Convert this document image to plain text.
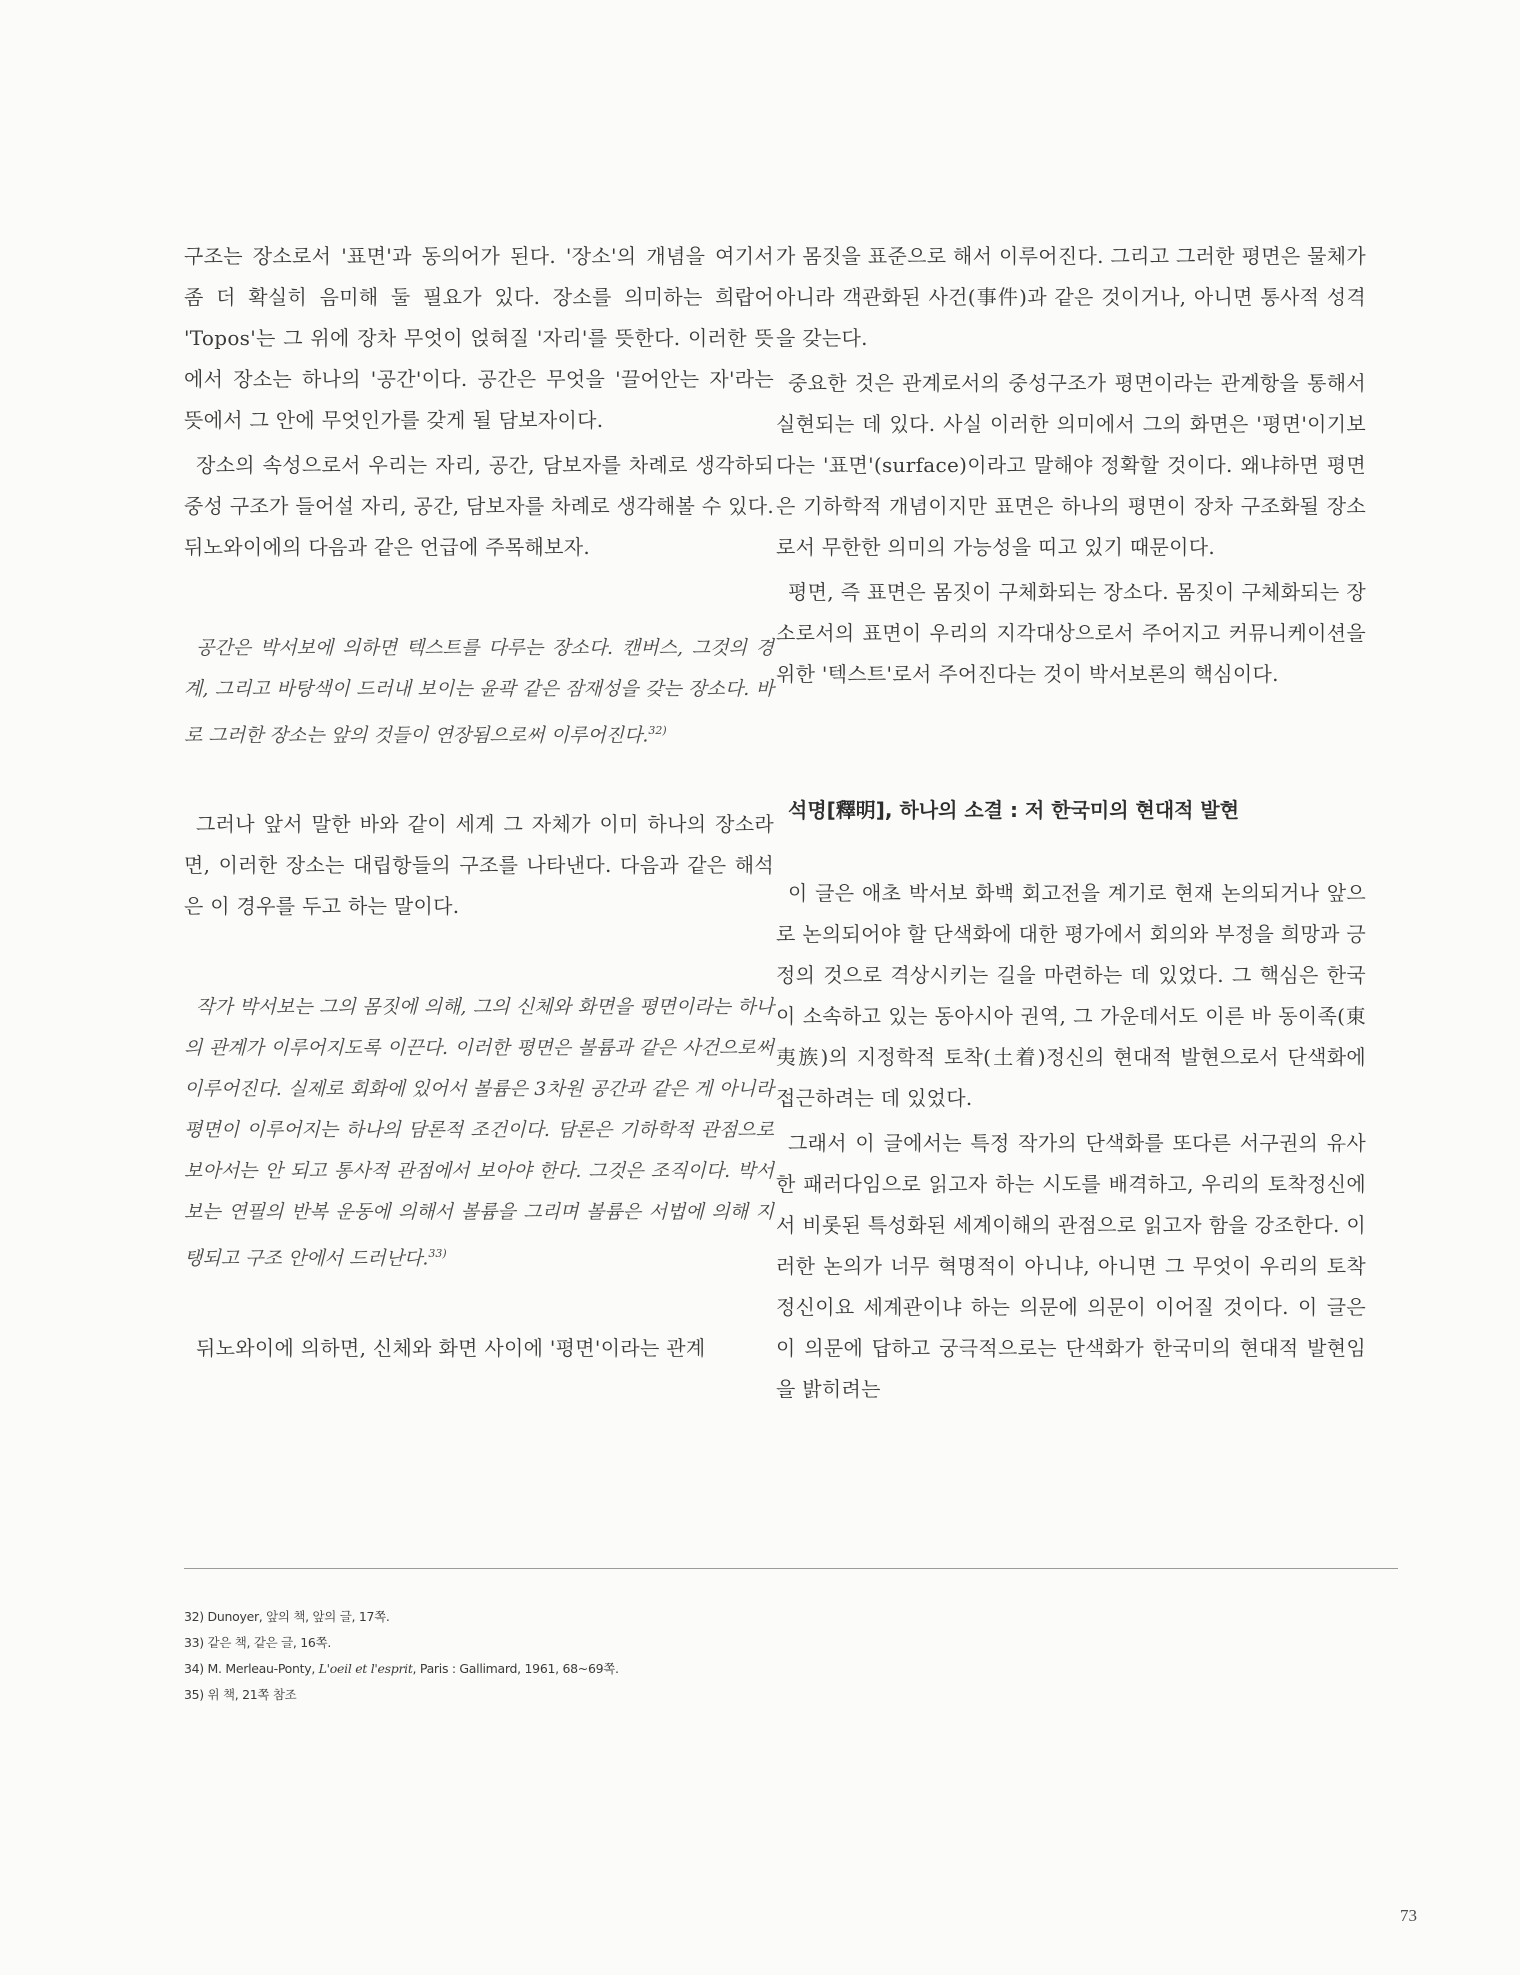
구조는 장소로서 '표면'과 동의어가 된다. '장소'의 개념을 여기서 좀 더 확실히 음미해 둘 필요가 있다. 장소를 의미하는 희랍어 'Topos'는 그 위에 장차 무엇이 얹혀질 '자리'를 뜻한다. 이러한 뜻에서 장소는 하나의 '공간'이다. 공간은 무엇을 '끌어안는 자'라는 뜻에서 그 안에 무엇인가를 갖게 될 담보자이다.

장소의 속성으로서 우리는 자리, 공간, 담보자를 차례로 생각하되 중성 구조가 들어설 자리, 공간, 담보자를 차례로 생각해볼 수 있다. 뒤노와이에의 다음과 같은 언급에 주목해보자.

공간은 박서보에 의하면 텍스트를 다루는 장소다. 캔버스, 그것의 경계, 그리고 바탕색이 드러내 보이는 윤곽 같은 잠재성을 갖는 장소다. 바로 그러한 장소는 앞의 것들이 연장됨으로써 이루어진다.$^{32)}$

그러나 앞서 말한 바와 같이 세계 그 자체가 이미 하나의 장소라면, 이러한 장소는 대립항들의 구조를 나타낸다. 다음과 같은 해석은 이 경우를 두고 하는 말이다.

작가 박서보는 그의 몸짓에 의해, 그의 신체와 화면을 평면이라는 하나의 관계가 이루어지도록 이끈다. 이러한 평면은 볼륨과 같은 사건으로써 이루어진다. 실제로 회화에 있어서 볼륨은 3차원 공간과 같은 게 아니라 평면이 이루어지는 하나의 담론적 조건이다. 담론은 기하학적 관점으로 보아서는 안 되고 통사적 관점에서 보아야 한다. 그것은 조직이다. 박서보는 연필의 반복 운동에 의해서 볼륨을 그리며 볼륨은 서법에 의해 지탱되고 구조 안에서 드러난다.$^{33)}$

뒤노와이에 의하면, 신체와 화면 사이에 '평면'이라는 관계

가 몸짓을 표준으로 해서 이루어진다. 그리고 그러한 평면은 물체가 아니라 객관화된 사건(事件)과 같은 것이거나, 아니면 통사적 성격을 갖는다.

중요한 것은 관계로서의 중성구조가 평면이라는 관계항을 통해서 실현되는 데 있다. 사실 이러한 의미에서 그의 화면은 '평면'이기보다는 '표면'(surface)이라고 말해야 정확할 것이다. 왜냐하면 평면은 기하학적 개념이지만 표면은 하나의 평면이 장차 구조화될 장소로서 무한한 의미의 가능성을 띠고 있기 때문이다.

평면, 즉 표면은 몸짓이 구체화되는 장소다. 몸짓이 구체화되는 장소로서의 표면이 우리의 지각대상으로서 주어지고 커뮤니케이션을 위한 '텍스트'로서 주어진다는 것이 박서보론의 핵심이다.

석명[釋明], 하나의 소결 : 저 한국미의 현대적 발현

이 글은 애초 박서보 화백 회고전을 계기로 현재 논의되거나 앞으로 논의되어야 할 단색화에 대한 평가에서 회의와 부정을 희망과 긍정의 것으로 격상시키는 길을 마련하는 데 있었다. 그 핵심은 한국이 소속하고 있는 동아시아 권역, 그 가운데서도 이른 바 동이족(東夷族)의 지정학적 토착(土着)정신의 현대적 발현으로서 단색화에 접근하려는 데 있었다.

그래서 이 글에서는 특정 작가의 단색화를 또다른 서구권의 유사한 패러다임으로 읽고자 하는 시도를 배격하고, 우리의 토착정신에서 비롯된 특성화된 세계이해의 관점으로 읽고자 함을 강조한다. 이러한 논의가 너무 혁명적이 아니냐, 아니면 그 무엇이 우리의 토착 정신이요 세계관이냐 하는 의문에 의문이 이어질 것이다. 이 글은 이 의문에 답하고 궁극적으로는 단색화가 한국미의 현대적 발현임을 밝히려는

32) Dunoyer, 앞의 책, 앞의 글, 17쪽.
33) 같은 책, 같은 글, 16쪽.
34) M. Merleau-Ponty, L'oeil et l'esprit, Paris : Gallimard, 1961, 68~69쪽.
35) 위 책, 21쪽 참조
73
